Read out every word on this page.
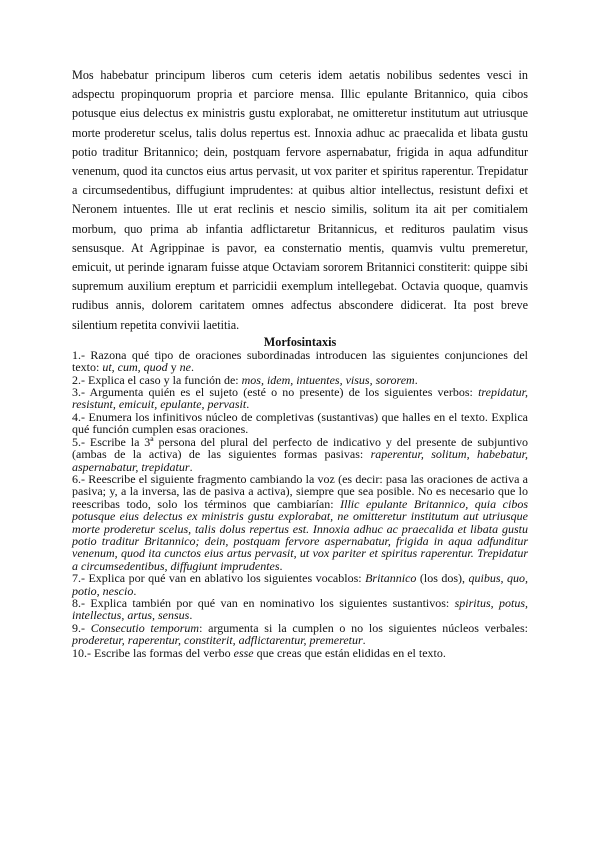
Mos habebatur principum liberos cum ceteris idem aetatis nobilibus sedentes vesci in adspectu propinquorum propria et parciore mensa. Illic epulante Britannico, quia cibos potusque eius delectus ex ministris gustu explorabat, ne omitteretur institutum aut utriusque morte proderetur scelus, talis dolus repertus est. Innoxia adhuc ac praecalida et libata gustu potio traditur Britannico; dein, postquam fervore aspernabatur, frigida in aqua adfunditur venenum, quod ita cunctos eius artus pervasit, ut vox pariter et spiritus raperentur. Trepidatur a circumsedentibus, diffugiunt imprudentes: at quibus altior intellectus, resistunt defixi et Neronem intuentes. Ille ut erat reclinis et nescio similis, solitum ita ait per comitialem morbum, quo prima ab infantia adflictaretur Britannicus, et redituros paulatim visus sensusque. At Agrippinae is pavor, ea consternatio mentis, quamvis vultu premeretur, emicuit, ut perinde ignaram fuisse atque Octaviam sororem Britannici constiterit: quippe sibi supremum auxilium ereptum et parricidii exemplum intellegebat. Octavia quoque, quamvis rudibus annis, dolorem caritatem omnes adfectus abscondere didicerat. Ita post breve silentium repetita convivii laetitia.

Morfosintaxis

1.- Razona qué tipo de oraciones subordinadas introducen las siguientes conjunciones del texto: ut, cum, quod y ne.

2.- Explica el caso y la función de: mos, idem, intuentes, visus, sororem.

3.- Argumenta quién es el sujeto (esté o no presente) de los siguientes verbos: trepidatur, resistunt, emicuit, epulante, pervasit.

4.- Enumera los infinitivos núcleo de completivas (sustantivas) que halles en el texto. Explica qué función cumplen esas oraciones.

5.- Escribe la 3ª persona del plural del perfecto de indicativo y del presente de subjuntivo (ambas de la activa) de las siguientes formas pasivas: raperentur, solitum, habebatur, aspernabatur, trepidatur.

6.- Reescribe el siguiente fragmento cambiando la voz (es decir: pasa las oraciones de activa a pasiva; y, a la inversa, las de pasiva a activa), siempre que sea posible. No es necesario que lo reescribas todo, solo los términos que cambiarían: Illic epulante Britannico, quia cibos potusque eius delectus ex ministris gustu explorabat, ne omitteretur institutum aut utriusque morte proderetur scelus, talis dolus repertus est. Innoxia adhuc ac praecalida et libata gustu potio traditur Britannico; dein, postquam fervore aspernabatur, frigida in aqua adfunditur venenum, quod ita cunctos eius artus pervasit, ut vox pariter et spiritus raperentur. Trepidatur a circumsedentibus, diffugiunt imprudentes.

7.- Explica por qué van en ablativo los siguientes vocablos: Britannico (los dos), quibus, quo, potio, nescio.

8.- Explica también por qué van en nominativo los siguientes sustantivos: spiritus, potus, intellectus, artus, sensus.

9.- Consecutio temporum: argumenta si la cumplen o no los siguientes núcleos verbales: proderetur, raperentur, constiterit, adflictarentur, premeretur.

10.- Escribe las formas del verbo esse que creas que están elididas en el texto.
